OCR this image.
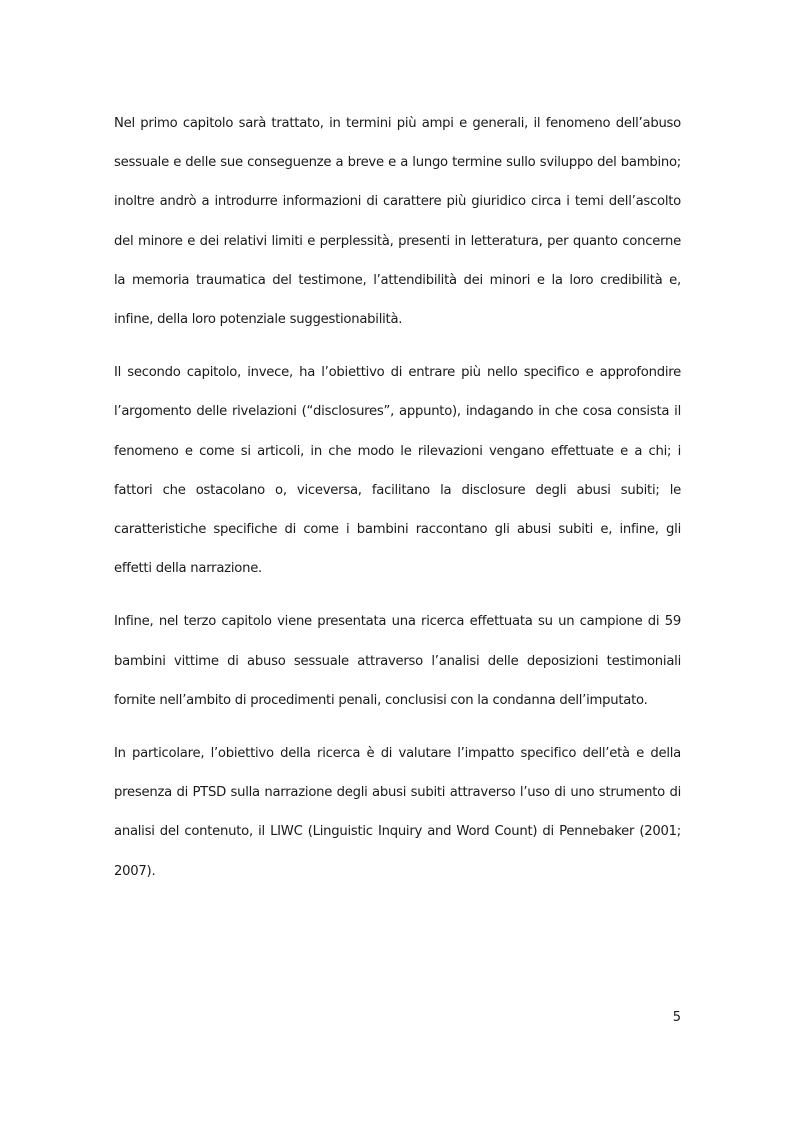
Nel primo capitolo sarà trattato, in termini più ampi e generali, il fenomeno dell’abuso sessuale e delle sue conseguenze a breve e a lungo termine sullo sviluppo del bambino; inoltre andrò a introdurre informazioni di carattere più giuridico circa i temi dell’ascolto del minore e dei relativi limiti e perplessità, presenti in letteratura, per quanto concerne la memoria traumatica del testimone, l’attendibilità dei minori e la loro credibilità e, infine, della loro potenziale suggestionabilità.

Il secondo capitolo, invece, ha l’obiettivo di entrare più nello specifico e approfondire l’argomento delle rivelazioni (“disclosures”, appunto), indagando in che cosa consista il fenomeno e come si articoli, in che modo le rilevazioni vengano effettuate e a chi; i fattori che ostacolano o, viceversa, facilitano la disclosure degli abusi subiti; le caratteristiche specifiche di come i bambini raccontano gli abusi subiti e, infine, gli effetti della narrazione.

Infine, nel terzo capitolo viene presentata una ricerca effettuata su un campione di 59 bambini vittime di abuso sessuale attraverso l’analisi delle deposizioni testimoniali fornite nell’ambito di procedimenti penali, conclusisi con la condanna dell’imputato.

In particolare, l’obiettivo della ricerca è di valutare l’impatto specifico dell’età e della presenza di PTSD sulla narrazione degli abusi subiti attraverso l’uso di uno strumento di analisi del contenuto, il LIWC (Linguistic Inquiry and Word Count) di Pennebaker (2001; 2007).

5
